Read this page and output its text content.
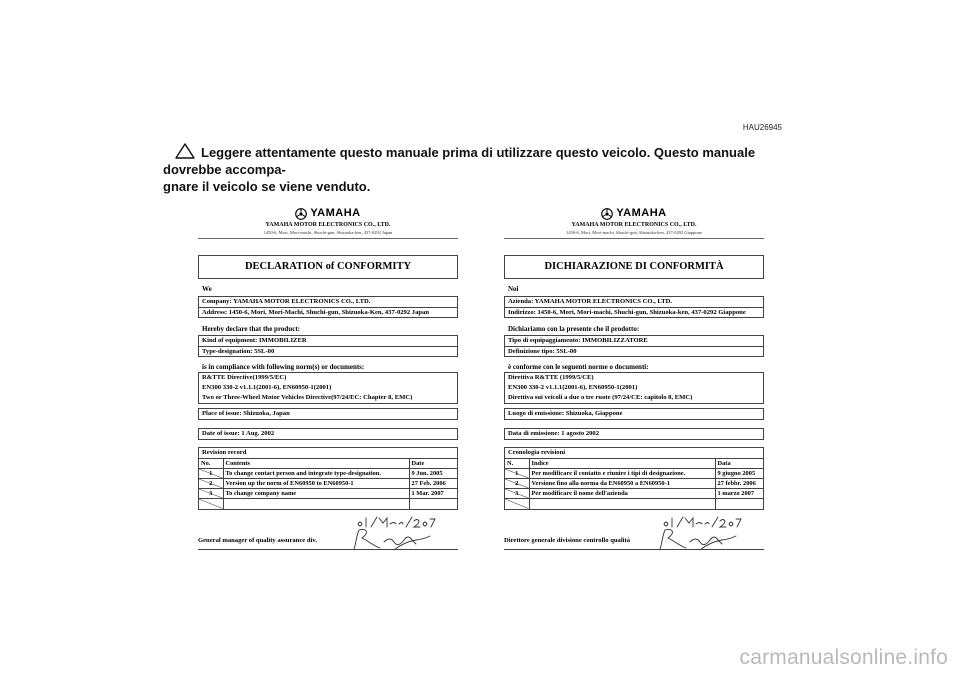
HAU26945
Leggere attentamente questo manuale prima di utilizzare questo veicolo. Questo manuale dovrebbe accompa-
gnare il veicolo se viene venduto.
YAMAHA
YAMAHA MOTOR ELECTRONICS CO., LTD.
1450-6, Mori, Mori-machi, Shuchi-gun, Shizuoka-ken, 437-0292 Japan
DECLARATION of CONFORMITY
We
Company: YAMAHA MOTOR ELECTRONICS CO., LTD.
Address: 1450-6, Mori, Mori-Machi, Shuchi-gun, Shizuoka-Ken, 437-0292 Japan
Hereby declare that the product:
Kind of equipment: IMMOBILIZER
Type-designation: 5SL-00
is in compliance with following norm(s) or documents:
R&TTE Directive(1999/5/EC)
EN300 330-2 v1.1.1(2001-6), EN60950-1(2001)
Two or Three-Wheel Motor Vehicles Directive(97/24/EC: Chapter 8, EMC)
Place of issue: Shizuoka, Japan
Date of issue: 1 Aug. 2002
Revision record
No.	Contents	Date

1	To change contact person and integrate type-designation.	9 Jun. 2005

2	Version up the norm of EN60950 to EN60950-1	27 Feb. 2006

3	To change company name	1 Mar. 2007

General manager of quality assurance div.
YAMAHA
YAMAHA MOTOR ELECTRONICS CO., LTD.
1450-6, Mori, Mori-machi, Shuchi-gun, Shizuoka-ken, 437-0292 Giappone
DICHIARAZIONE DI CONFORMITÀ
Noi
Azienda: YAMAHA MOTOR ELECTRONICS CO., LTD.
Indirizzo: 1450-6, Mori, Mori-machi, Shuchi-gun, Shizuoka-ken, 437-0292 Giappone
Dichiariamo con la presente che il prodotto:
Tipo di equipaggiamento: IMMOBILIZZATORE
Definizione tipo: 5SL-00
è conforme con le seguenti norme o documenti:
Direttiva R&TTE (1999/5/CE)
EN300 330-2 v1.1.1(2001-6), EN60950-1(2001)
Direttiva sui veicoli a due o tre ruote (97/24/CE: capitolo 8, EMC)
Luogo di emissione: Shizuoka, Giappone
Data di emissione: 1 agosto 2002
Cronologia revisioni
N.	Indice	Data

1	Per modificare il contatto e riunire i tipi di designazione.	9 giugno 2005

2	Versione fino alla norma da EN60950 a EN60950-1	27 febbr. 2006

3	Per modificare il nome dell'azienda	1 marzo 2007

Direttore generale divisione controllo qualità
carmanualsonline.info
